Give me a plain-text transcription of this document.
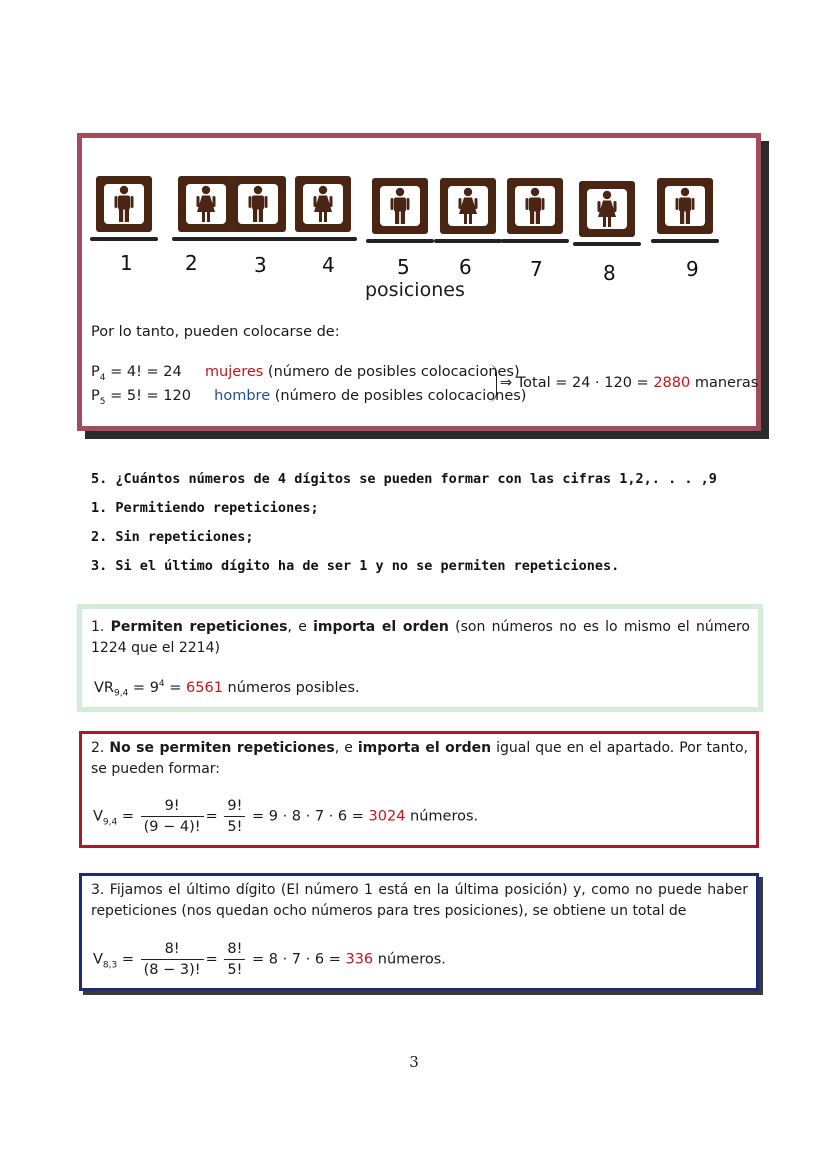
1	2	3	4	5 6	7	8	9
posiciones
Por lo tanto, pueden colocarse de:
$P_4 = 4$! = 24 mujeres (número de posibles colocaciones)
$P_5 = 5$! = 120 hombre (número de posibles colocaciones)
⇒ Total = 24 · 120 = 2880 maneras
5. ¿Cuántos números de 4 dígitos se pueden formar con las cifras 1,2,. . . ,9
1. Permitiendo repeticiones;
2. Sin repeticiones;
3. Si el último dígito ha de ser 1 y no se permiten repeticiones.
1. Permiten repeticiones, e importa el orden (son números no es lo mismo el número 1224 que el 2214)
$VR_{9,4} = 9^4 = 6561$ números posibles.
2. No se permiten repeticiones, e importa el orden igual que en el apartado. Por tanto, se pueden formar:
$V_{9,4} = \frac{9!}{(9 - 4)!} = \frac{9!}{5!} = 9 \cdot 8 \cdot 7 \cdot 6 = 3024$ números.
3. Fijamos el último dígito (El número 1 está en la última posición) y, como no puede haber repeticiones (nos quedan ocho números para tres posiciones), se obtiene un total de
$V_{8,3} = \frac{8!}{(8 - 3)!} = \frac{8!}{5!} = 8 \cdot 7 \cdot 6 = 336$ números.
3
